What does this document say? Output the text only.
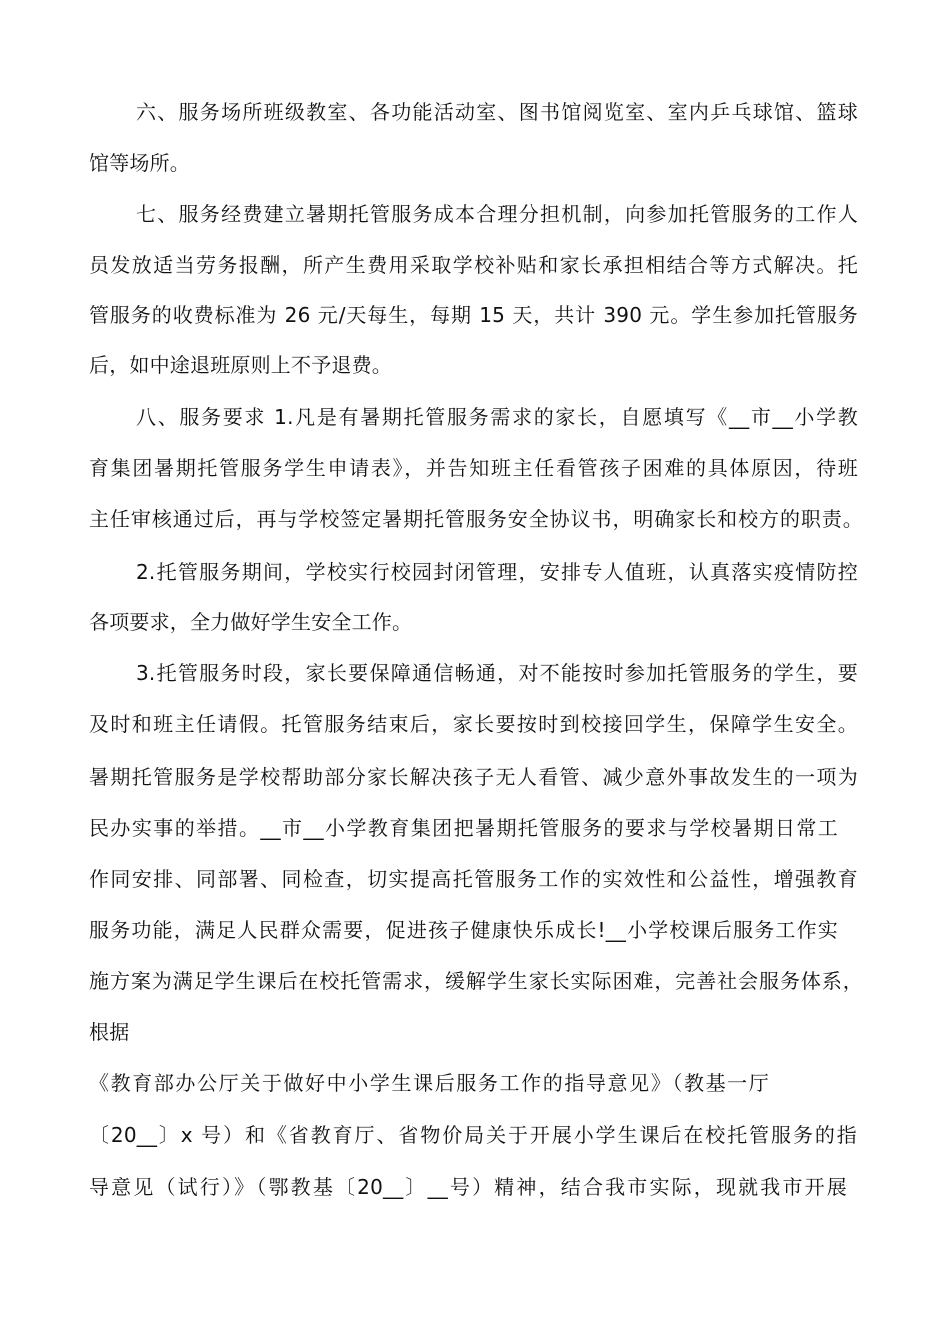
六、服务场所班级教室、各功能活动室、图书馆阅览室、室内乒乓球馆、篮球
馆等场所。
七、服务经费建立暑期托管服务成本合理分担机制，向参加托管服务的工作人
员发放适当劳务报酬，所产生费用采取学校补贴和家长承担相结合等方式解决。托
管服务的收费标准为 26 元/天每生，每期 15 天，共计 390 元。学生参加托管服务
后，如中途退班原则上不予退费。
八、服务要求 1.凡是有暑期托管服务需求的家长，自愿填写《__市__小学教
育集团暑期托管服务学生申请表》，并告知班主任看管孩子困难的具体原因，待班
主任审核通过后，再与学校签定暑期托管服务安全协议书，明确家长和校方的职责。
2.托管服务期间，学校实行校园封闭管理，安排专人值班，认真落实疫情防控
各项要求，全力做好学生安全工作。
3.托管服务时段，家长要保障通信畅通，对不能按时参加托管服务的学生，要
及时和班主任请假。托管服务结束后，家长要按时到校接回学生，保障学生安全。
暑期托管服务是学校帮助部分家长解决孩子无人看管、减少意外事故发生的一项为
民办实事的举措。__市__小学教育集团把暑期托管服务的要求与学校暑期日常工
作同安排、同部署、同检查，切实提高托管服务工作的实效性和公益性，增强教育
服务功能，满足人民群众需要，促进孩子健康快乐成长!__小学校课后服务工作实
施方案为满足学生课后在校托管需求，缓解学生家长实际困难，完善社会服务体系，
根据
《教育部办公厅关于做好中小学生课后服务工作的指导意见》（教基一厅
〔20__〕x 号）和《省教育厅、省物价局关于开展小学生课后在校托管服务的指
导意见（试行）》（鄂教基〔20__〕__号）精神，结合我市实际，现就我市开展
